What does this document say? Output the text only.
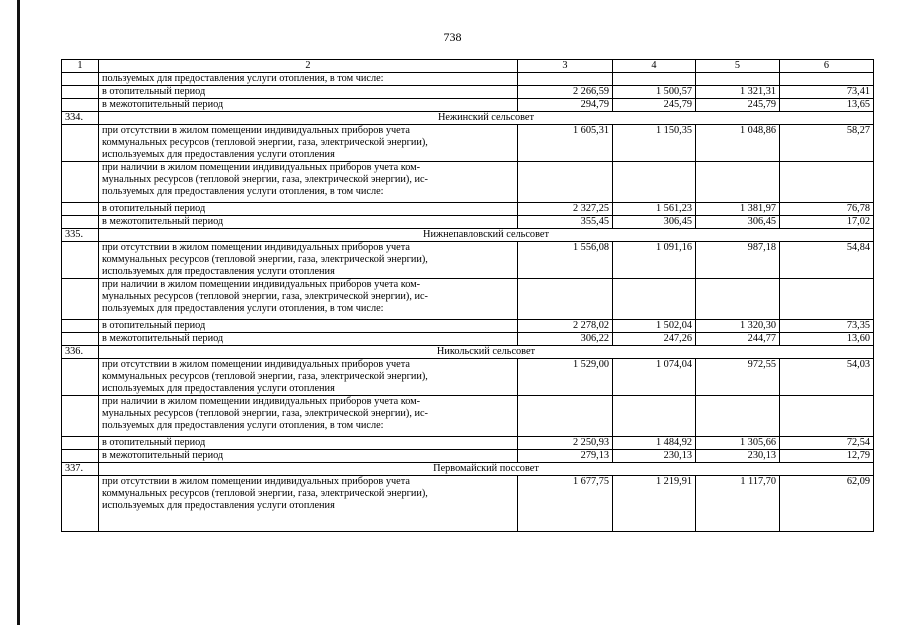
738
1	2	3	4	5	6
	пользуемых для предоставления услуги отопления, в том числе:				
	в отопительный период	2 266,59	1 500,57	1 321,31	73,41
	в межотопительный период	294,79	245,79	245,79	13,65
334.	Нежинский сельсовет				

	при отсутствии в жилом помещении индивидуальных приборов учета
коммунальных ресурсов (тепловой энергии, газа, электрической энергии),
используемых для предоставления услуги отопления	1 605,31	1 150,35	1 048,86	58,27

	при наличии в жилом помещении индивидуальных приборов учета ком-
мунальных ресурсов (тепловой энергии, газа, электрической энергии), ис-
пользуемых для предоставления услуги отопления, в том числе:				

	в отопительный период	2 327,25	1 561,23	1 381,97	76,78
	в межотопительный период	355,45	306,45	306,45	17,02
335.	Нижнепавловский сельсовет				

	при отсутствии в жилом помещении индивидуальных приборов учета
коммунальных ресурсов (тепловой энергии, газа, электрической энергии),
используемых для предоставления услуги отопления	1 556,08	1 091,16	987,18	54,84

	при наличии в жилом помещении индивидуальных приборов учета ком-
мунальных ресурсов (тепловой энергии, газа, электрической энергии), ис-
пользуемых для предоставления услуги отопления, в том числе:				

	в отопительный период	2 278,02	1 502,04	1 320,30	73,35
	в межотопительный период	306,22	247,26	244,77	13,60
336.	Никольский сельсовет				

	при отсутствии в жилом помещении индивидуальных приборов учета
коммунальных ресурсов (тепловой энергии, газа, электрической энергии),
используемых для предоставления услуги отопления	1 529,00	1 074,04	972,55	54,03

	при наличии в жилом помещении индивидуальных приборов учета ком-
мунальных ресурсов (тепловой энергии, газа, электрической энергии), ис-
пользуемых для предоставления услуги отопления, в том числе:				

	в отопительный период	2 250,93	1 484,92	1 305,66	72,54
	в межотопительный период	279,13	230,13	230,13	12,79
337.	Первомайский поссовет				

	при отсутствии в жилом помещении индивидуальных приборов учета
коммунальных ресурсов (тепловой энергии, газа, электрической энергии),
используемых для предоставления услуги отопления	1 677,75	1 219,91	1 117,70	62,09
